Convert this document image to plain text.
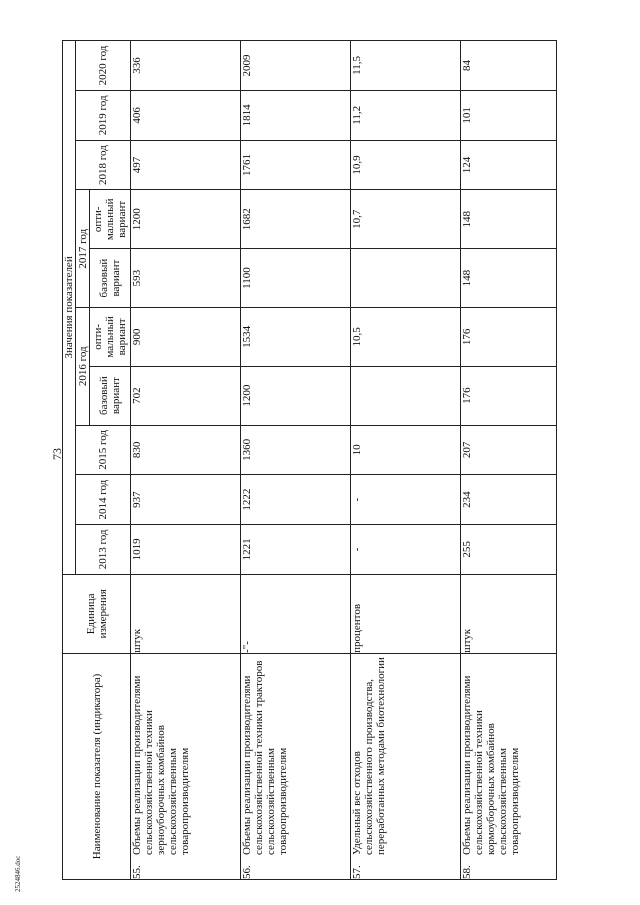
73
2524846.doc
Наименование показателя (индикатора)	Единица измерения	Значения показателей									
		2013 год	2014 год	2015 год	2016 год		2017 год		2018 год	2019 год	2020 год
					базовый вариант	опти-мальный вариант	базовый вариант	опти-мальный вариант			

55.
Объемы реализации производителями сельскохозяйственной техники зерноуборочных комбайнов сельскохозяйственным товаропроизводителям	штук	1019	937	830	702	900	593	1200	497	406	336

56.
Объемы реализации производителями сельскохозяйственной техники тракторов сельскохозяйственным товаропроизводителям	-"-	1221	1222	1360	1200	1534	1100	1682	1761	1814	2009

57.
Удельный вес отходов сельскохозяйственного производства, переработанных методами биотехнологии	процентов	-	-	10		10,5		10,7	10,9	11,2	11,5

58.
Объемы реализации производителями сельскохозяйственной техники кормоуборочных комбайнов сельскохозяйственным товаропроизводителям	штук	255	234	207	176	176	148	148	124	101	84
